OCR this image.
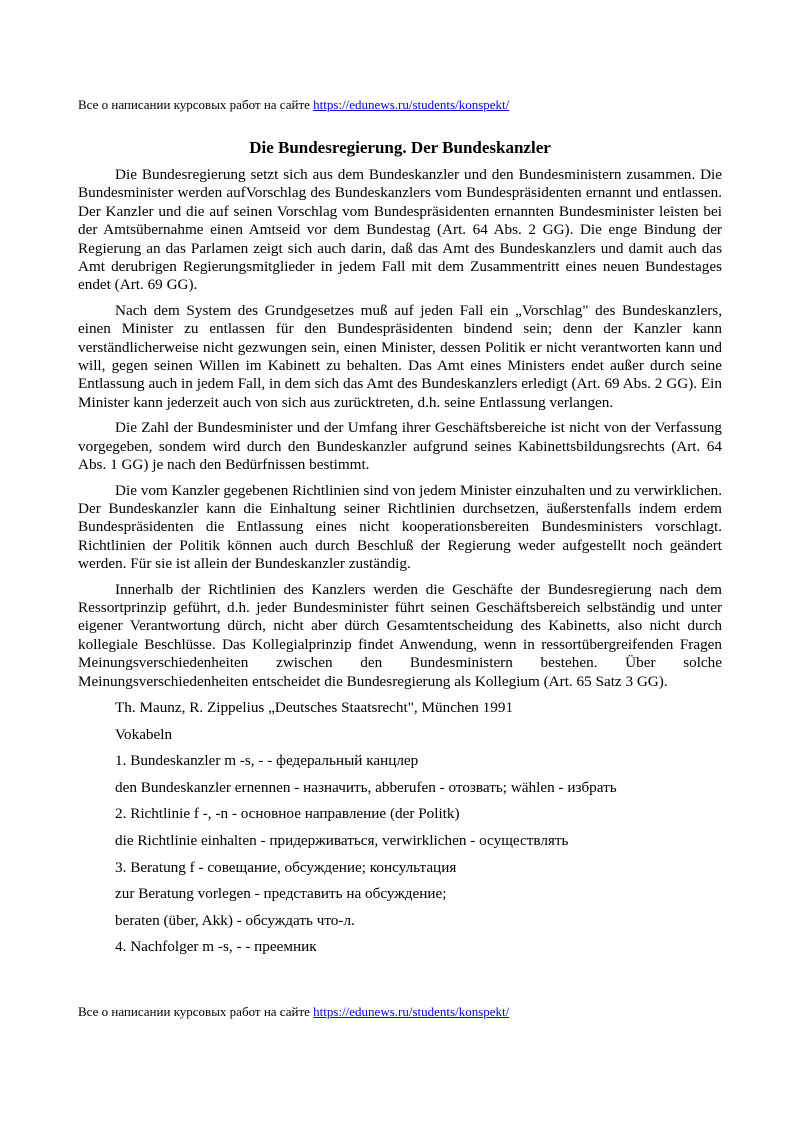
Все о написании курсовых работ на сайте https://edunews.ru/students/konspekt/
Die Bundesregierung. Der Bundeskanzler

Die Bundesregierung setzt sich aus dem Bundeskanzler und den Bundesministern zusammen. Die Bundesminister werden aufVorschlag des Bundeskanzlers vom Bundespräsidenten ernannt und entlassen. Der Kanzler und die auf seinen Vorschlag vom Bundespräsidenten ernannten Bundesminister leisten bei der Amtsübernahme einen Amtseid vor dem Bundestag (Art. 64 Abs. 2 GG). Die enge Bindung der Regierung an das Parlamen zeigt sich auch darin, daß das Amt des Bundeskanzlers und damit auch das Amt derubrigen Regierungsmitglieder in jedem Fall mit dem Zusammentritt eines neuen Bundestages endet (Art. 69 GG).

Nach dem System des Grundgesetzes muß auf jeden Fall ein „Vorschlag" des Bundeskanzlers, einen Minister zu entlassen für den Bundespräsidenten bindend sein; denn der Kanzler kann verständlicherweise nicht gezwungen sein, einen Minister, dessen Politik er nicht verantworten kann und will, gegen seinen Willen im Kabinett zu behalten. Das Amt eines Ministers endet außer durch seine Entlassung auch in jedem Fall, in dem sich das Amt des Bundeskanzlers erledigt (Art. 69 Abs. 2 GG). Ein Minister kann jederzeit auch von sich aus zurücktreten, d.h. seine Entlassung verlangen.

Die Zahl der Bundesminister und der Umfang ihrer Geschäftsbereiche ist nicht von der Verfassung vorgegeben, sondem wird durch den Bundeskanzler aufgrund seines Kabinettsbildungsrechts (Art. 64 Abs. 1 GG) je nach den Bedürfnissen bestimmt.

Die vom Kanzler gegebenen Richtlinien sind von jedem Minister einzuhalten und zu verwirklichen. Der Bundeskanzler kann die Einhaltung seiner Richtlinien durchsetzen, äußerstenfalls indem erdem Bundespräsidenten die Entlassung eines nicht kooperationsbereiten Bundesministers vorschlagt. Richtlinien der Politik können auch durch Beschluß der Regierung weder aufgestellt noch geändert werden. Für sie ist allein der Bundeskanzler zuständig.

Innerhalb der Richtlinien des Kanzlers werden die Geschäfte der Bundesregierung nach dem Ressortprinzip geführt, d.h. jeder Bundesminister führt seinen Geschäftsbereich selbständig und unter eigener Verantwortung dürch, nicht aber dürch Gesamtentscheidung des Kabinetts, also nicht durch kollegiale Beschlüsse. Das Kollegialprinzip findet Anwendung, wenn in ressortübergreifenden Fragen Meinungsverschiedenheiten zwischen den Bundesministern bestehen. Über solche Meinungsverschiedenheiten entscheidet die Bundesregierung als Kollegium (Art. 65 Satz 3 GG).

Th. Maunz, R. Zippelius „Deutsches Staatsrecht", München 1991

Vokabeln

1. Bundeskanzler m -s, - - федеральный канцлер

den Bundeskanzler ernennen - назначить, abberufen - отозвать; wählen - избрать

2. Richtlinie f -, -n - основное направление (der Politk)

die Richtlinie einhalten - придерживаться, verwirklichen - осуществлять

3. Beratung f - совещание, обсуждение; консультация

zur Beratung vorlegen - представить на обсуждение;

beraten (über, Akk) - обсуждать что-л.

4. Nachfolger m -s, - - преемник

Все о написании курсовых работ на сайте https://edunews.ru/students/konspekt/
